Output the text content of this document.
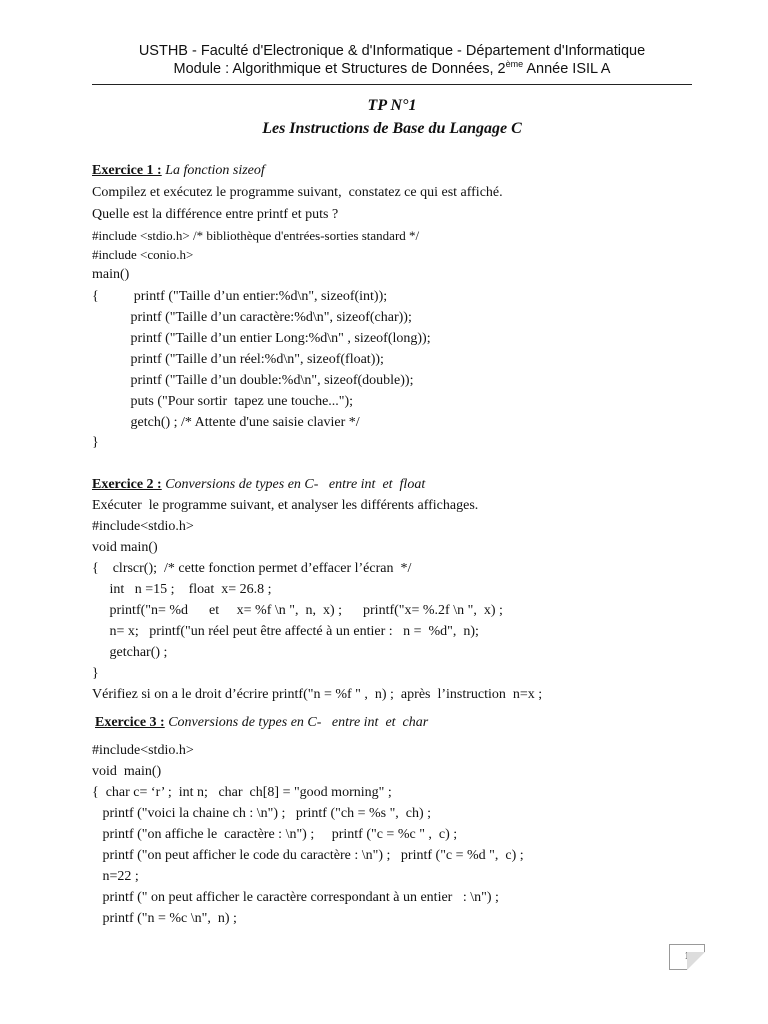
USTHB - Faculté d'Electronique & d'Informatique - Département d'Informatique
Module : Algorithmique et Structures de Données, 2ème Année ISIL A
TP N°1
Les Instructions de Base du Langage C
Exercice 1 : La fonction sizeof
Compilez et exécutez le programme suivant,  constatez ce qui est affiché.
Quelle est la différence entre printf et puts ?
#include <stdio.h> /* bibliothèque d'entrées-sorties standard */
#include <conio.h>
main()
{          printf ("Taille d’un entier:%d\n", sizeof(int));
printf ("Taille d’un caractère:%d\n", sizeof(char));
printf ("Taille d’un entier Long:%d\n" , sizeof(long));
printf ("Taille d’un réel:%d\n", sizeof(float));
printf ("Taille d’un double:%d\n", sizeof(double));
puts ("Pour sortir  tapez une touche...");
getch() ; /* Attente d'une saisie clavier */
}
Exercice 2 : Conversions de types en C-   entre int  et  float
Exécuter  le programme suivant, et analyser les différents affichages.
#include<stdio.h>
void main()
{    clrscr();  /* cette fonction permet d’effacer l’écran  */
int   n =15 ;    float  x= 26.8 ;
printf("n= %d      et     x= %f \n ",  n,  x) ;      printf("x= %.2f \n ",  x) ;
n= x;   printf("un réel peut être affecté à un entier :   n =  %d",  n);
getchar() ;
}
Vérifiez si on a le droit d’écrire printf("n = %f " ,  n) ;  après  l’instruction  n=x ;
Exercice 3 : Conversions de types en C-   entre int  et  char
#include<stdio.h>
void  main()
{  char c= ‘r’ ;  int n;   char  ch[8] = "good morning" ;
printf ("voici la chaine ch : \n") ;   printf ("ch = %s ",  ch) ;
printf ("on affiche le  caractère : \n") ;     printf ("c = %c " ,  c) ;
printf ("on peut afficher le code du caractère : \n") ;   printf ("c = %d ",  c) ;
n=22 ;
printf (" on peut afficher le caractère correspondant à un entier   : \n") ;
printf ("n = %c \n",  n) ;
1
